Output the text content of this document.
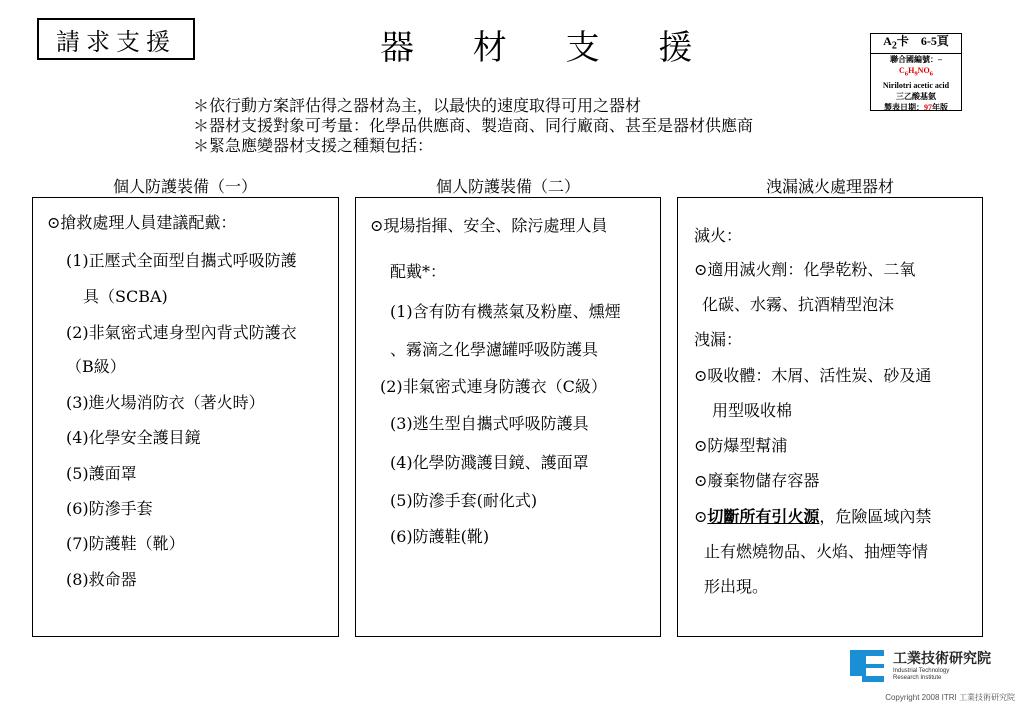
請求支援	器 材 支 援	$A_2$卡　6-5頁
聯合國編號：–
$C_6H_9NO_6$
Nirilotri acetic acid
三乙酸基氨
製表日期：97年版
＊依行動方案評估得之器材為主，以最快的速度取得可用之器材
＊器材支援對象可考量：化學品供應商、製造商、同行廠商、甚至是器材供應商
＊緊急應變器材支援之種類包括：
個人防護裝備（一）	個人防護裝備（二）	洩漏滅火處理器材
⊙搶救處理人員建議配戴：
(1)正壓式全面型自攜式呼吸防護
具（SCBA)
(2)非氣密式連身型內背式防護衣
（B級）
(3)進火場消防衣（著火時）
(4)化學安全護目鏡
(5)護面罩
(6)防滲手套
(7)防護鞋（靴）
(8)救命器
⊙現場指揮、安全、除污處理人員
配戴*：
(1)含有防有機蒸氣及粉塵、燻煙
、霧滴之化學濾罐呼吸防護具
(2)非氣密式連身防護衣（C級）
(3)逃生型自攜式呼吸防護具
(4)化學防濺護目鏡、護面罩
(5)防滲手套(耐化式)
(6)防護鞋(靴)
滅火：
⊙適用滅火劑：化學乾粉、二氧
化碳、水霧、抗酒精型泡沫
洩漏：
⊙吸收體：木屑、活性炭、砂及通
用型吸收棉
⊙防爆型幫浦
⊙廢棄物儲存容器
⊙切斷所有引火源，危險區域內禁
止有燃燒物品、火焰、抽煙等情
形出現。
工業技術研究院
Industrial Technology
Research Institute
Copyright 2008 ITRI 工業技術研究院
